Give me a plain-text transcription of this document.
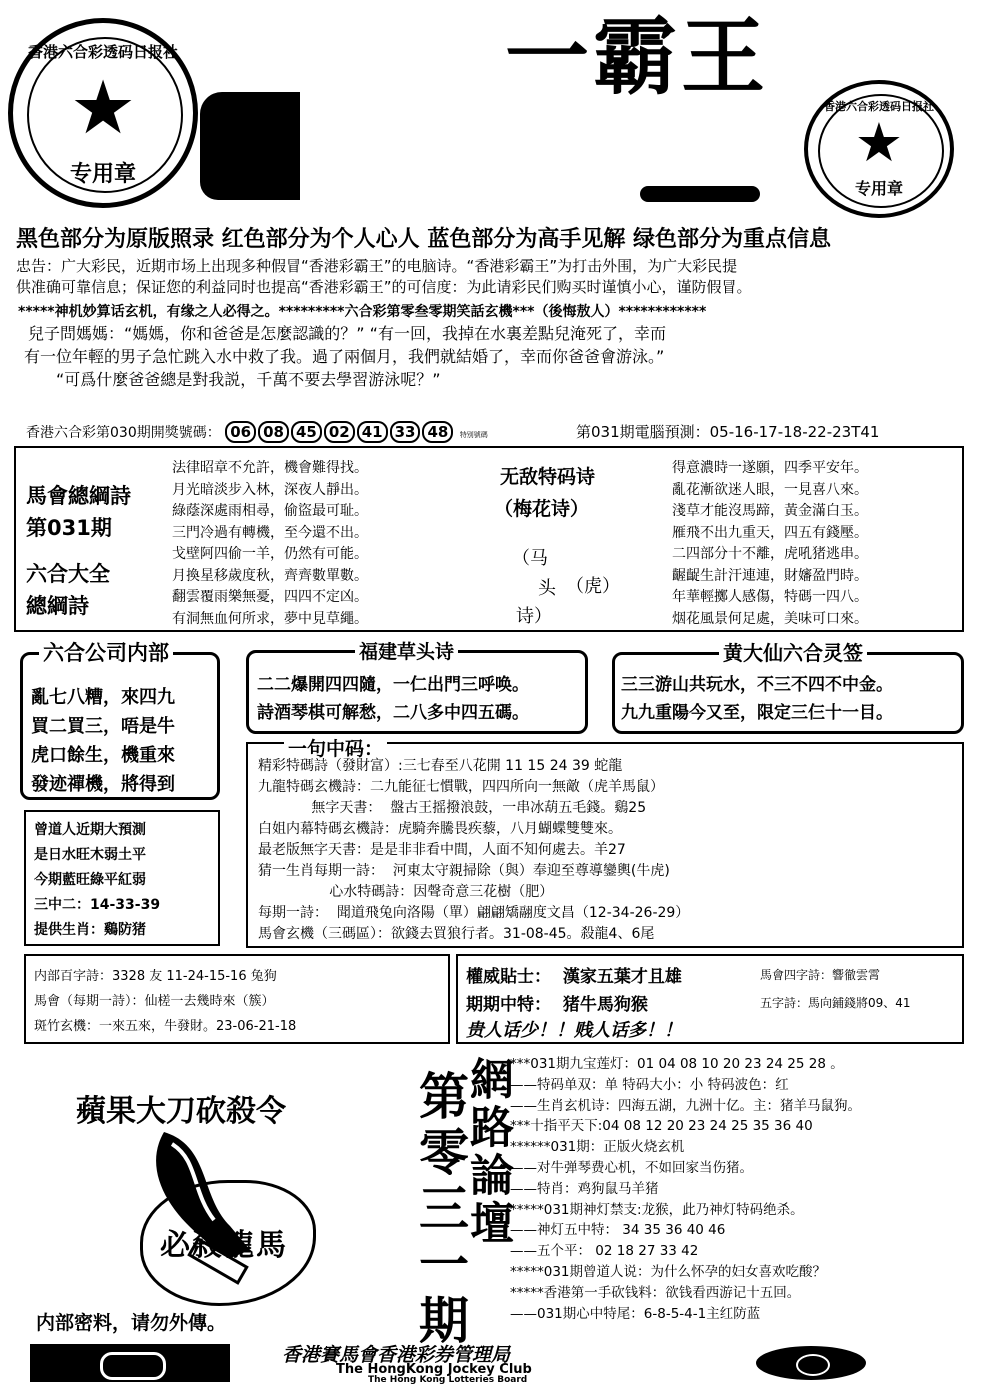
★
专用章
香港六合彩透码日报社	一霸王
★
专用章
香港六合彩透码日报社
黑色部分为原版照录 红色部分为个人心人 蓝色部分为高手见解 绿色部分为重点信息
忠告：广大彩民，近期市场上出现多种假冒“香港彩霸王”的电脑诗。“香港彩霸王”为打击外围，为广大彩民提
供准确可靠信息；保证您的利益同时也提高“香港彩霸王”的可信度：为此请彩民们购买时谨慎小心，谨防假冒。
*****神机妙算话玄机，有缘之人必得之。*********六合彩第零叁零期笑話玄機***（後悔敖人）************
兒子問媽媽：“媽媽，你和爸爸是怎麼認識的？” “有一回，我掉在水裏差點兒淹死了，幸而
有一位年輕的男子急忙跳入水中救了我。過了兩個月，我們就結婚了，幸而你爸爸會游泳。”
“可爲什麼爸爸總是對我説，千萬不要去學習游泳呢？”
香港六合彩第030期開獎號碼： 06 08 45 02 41 33 48 特別號碼	第031期電腦預測：05-16-17-18-22-23T41
馬會總綱詩
第031期
六合大全
總綱詩
法律昭章不允許，機會難得找。
月光暗淡步入林，深夜人靜出。
綠蔭深處雨相尋，偷盜最可耻。
三門冷過有轉機，至今還不出。
戈壁阿四偷一羊，仍然有可能。
月換星移歲度秋，齊齊數單數。
翻雲覆雨樂無憂，四四不定凶。
有洞無血何所求，夢中見草繩。
无敌特码诗
（梅花诗）
（马
头
诗）
（虎）
得意濃時一遂願，四季平安年。
亂花漸欲迷人眼，一見喜八來。
淺草才能沒馬蹄，黃金滿白玉。
雁飛不出九重天，四五有錢壓。
二四部分十不離，虎吼猪逃串。
齷齪生計汗連連，財嬸盈門時。
年華輕擲人感傷，特碼一四八。
烟花風景何足處，美味可口來。
六合公司内部
亂七八糟，來四九
買二買三，唔是牛
虎口餘生，機重來
發迹禪機，將得到
福建草头诗
二二爆開四四隨，一仁出門三呼唤。
詩酒琴棋可解愁，二八多中四五碼。
黄大仙六合灵签
三三游山共玩水，不三不四不中金。
九九重陽今又至，限定三仨十一目。
一句中码：
精彩特碼詩（發財富）:三七春至八花開 11 15 24 39 蛇龍
九龍特碼玄機詩：二九能征七慣戰，四四所向一無敵（虎羊馬鼠）
無字天書：  盤古王摇撥浪鼓，一串冰葫五毛錢。鷄25
白姐内幕特碼玄機詩：虎騎奔騰畏疾藜，八月蝴蝶雙雙來。
最老版無字天書：是是非非看中間，人面不知何處去。羊27
猜一生肖每期一詩：  河東太守親掃除（與）奉迎至尊導鑾輿(牛虎)
心水特碼詩：因聲奇意三花樹（肥）
每期一詩：  聞道飛兔向洛陽（單）翩翩矯翮度文昌（12-34-26-29）
馬會玄機（三碼區）：欲錢去買狼行者。31-08-45。殺龍4、6尾
曾道人近期大預測
是日水旺木弱土平
今期藍旺綠平紅弱
三中二：14-33-39
提供生肖：鷄防猪
内部百字詩：3328 友 11-24-15-16 兔狗
馬會（每期一詩）：仙槎一去幾時來（簇）
斑竹玄機：一來五來，牛發財。23-06-21-18
權威貼士：  漢家五葉才且雄	馬會四字詩：響徹雲霄
期期中特：  猪牛馬狗猴	五字詩：馬向鋪錢將09、41
贵人话少！！贱人话多！！
蘋果大刀砍殺令
必殺龍馬
内部密料，请勿外傳。	第零三一期
網路論壇
***031期九宝莲灯：01 04 08 10 20 23 24 25 28 。
——特码单双：单 特码大小：小 特码波色：红
——生肖玄机诗：四海五湖，九洲十亿。主：猪羊马鼠狗。
***十指平天下:04 08 12 20 23 24 25 35 36 40
******031期：正版火烧玄机
——对牛弹琴费心机，不如回家当伤猪。
——特肖：鸡狗鼠马羊猪
*****031期神灯禁支:龙猴，此乃神灯特码绝杀。
——神灯五中特： 34 35 36 40 46
——五个平： 02 18 27 33 42
*****031期曾道人说：为什么怀孕的妇女喜欢吃酸？
*****香港第一手砍钱料：欲钱看西游记十五回。
——031期心中特尾：6-8-5-4-1主红防蓝
香港賽馬會香港彩券管理局
The HongKong Jockey Club
The Hong Kong Lotteries Board
